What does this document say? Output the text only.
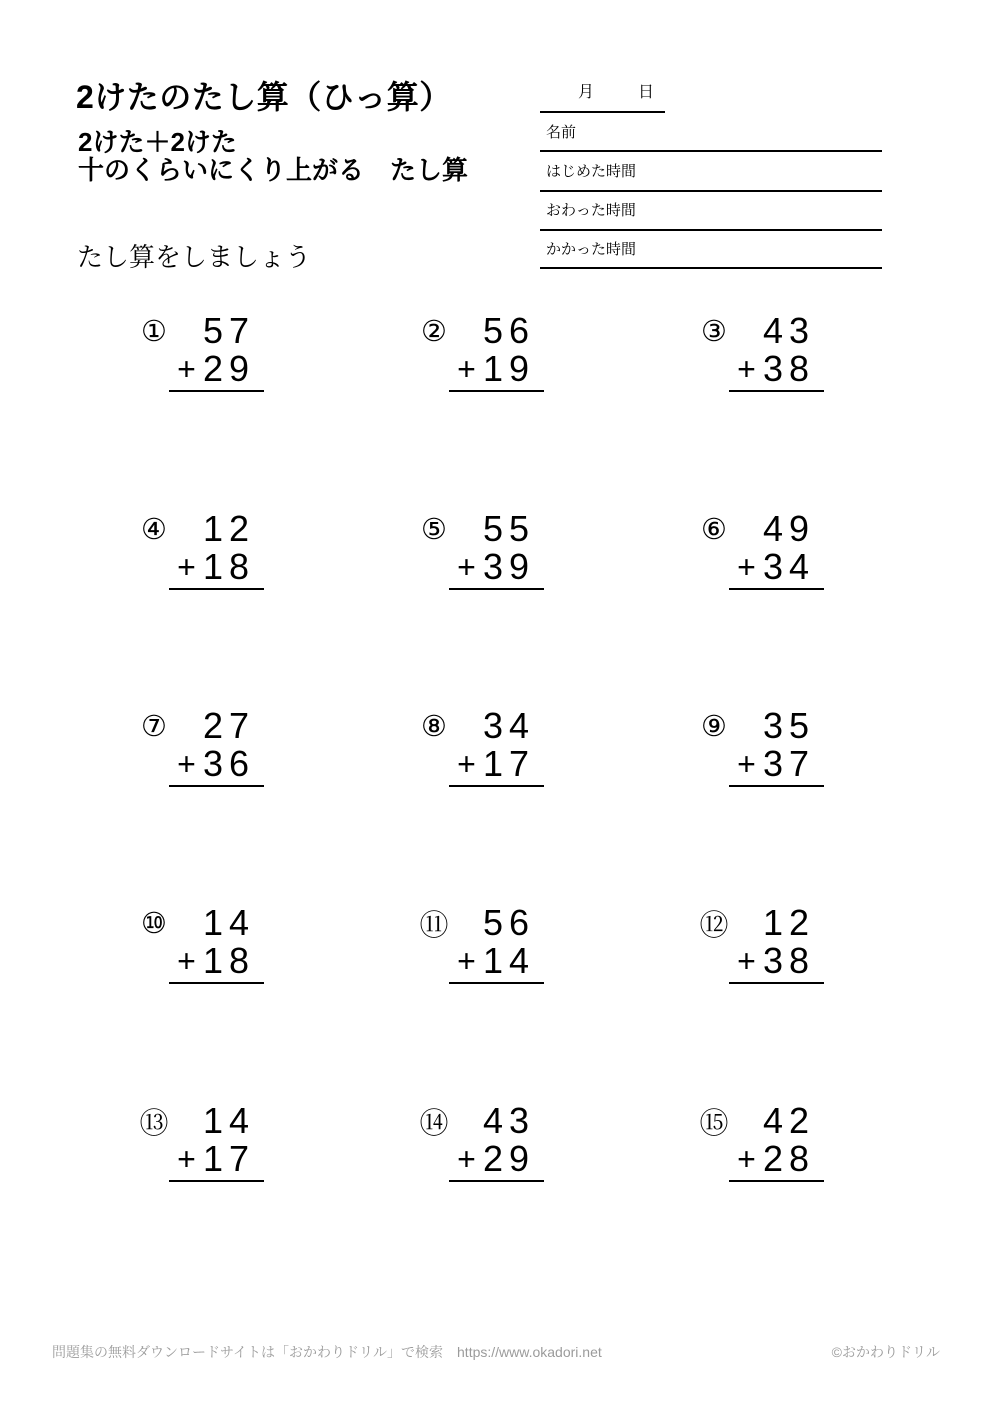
2けたのたし算（ひっ算）
2けた＋2けた
十のくらいにくり上がる　たし算
たし算をしましょう
月	日
名前
はじめた時間
おわった時間
かかった時間
① 5 7
+ 2 9
② 5 6
+ 1 9
③ 4 3
+ 3 8
④ 1 2
+ 1 8
⑤ 5 5
+ 3 9
⑥ 4 9
+ 3 4
⑦ 2 7
+ 3 6
⑧ 3 4
+ 1 7
⑨ 3 5
+ 3 7
⑩ 1 4
+ 1 8
⑪ 5 6
+ 1 4
⑫ 1 2
+ 3 8
⑬ 1 4
+ 1 7
⑭ 4 3
+ 2 9
⑮ 4 2
+ 2 8
問題集の無料ダウンロードサイトは「おかわりドリル」で検索　https://www.okadori.net	©おかわりドリル
